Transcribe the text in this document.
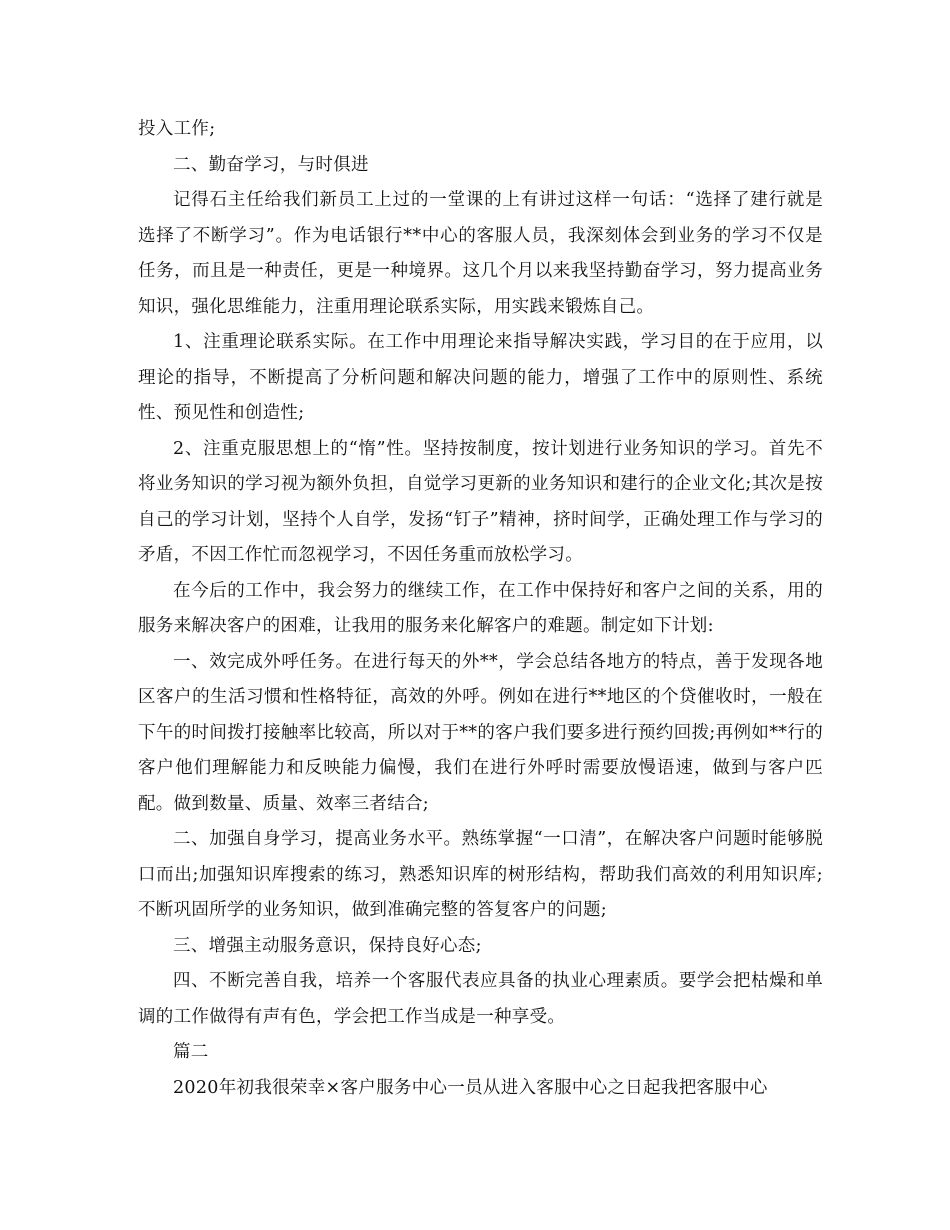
投入工作;

二、勤奋学习，与时俱进

记得石主任给我们新员工上过的一堂课的上有讲过这样一句话：“选择了建行就是选择了不断学习”。作为电话银行**中心的客服人员，我深刻体会到业务的学习不仅是任务，而且是一种责任，更是一种境界。这几个月以来我坚持勤奋学习，努力提高业务知识，强化思维能力，注重用理论联系实际，用实践来锻炼自己。

1、注重理论联系实际。在工作中用理论来指导解决实践，学习目的在于应用，以理论的指导，不断提高了分析问题和解决问题的能力，增强了工作中的原则性、系统性、预见性和创造性;

2、注重克服思想上的“惰”性。坚持按制度，按计划进行业务知识的学习。首先不将业务知识的学习视为额外负担，自觉学习更新的业务知识和建行的企业文化;其次是按自己的学习计划，坚持个人自学，发扬“钉子”精神，挤时间学，正确处理工作与学习的矛盾，不因工作忙而忽视学习，不因任务重而放松学习。

在今后的工作中，我会努力的继续工作，在工作中保持好和客户之间的关系，用的服务来解决客户的困难，让我用的服务来化解客户的难题。制定如下计划:

一、效完成外呼任务。在进行每天的外**，学会总结各地方的特点，善于发现各地区客户的生活习惯和性格特征，高效的外呼。例如在进行**地区的个贷催收时，一般在下午的时间拨打接触率比较高，所以对于**的客户我们要多进行预约回拨;再例如**行的客户他们理解能力和反映能力偏慢，我们在进行外呼时需要放慢语速，做到与客户匹配。做到数量、质量、效率三者结合;

二、加强自身学习，提高业务水平。熟练掌握“一口清”，在解决客户问题时能够脱口而出;加强知识库搜索的练习，熟悉知识库的树形结构，帮助我们高效的利用知识库;不断巩固所学的业务知识，做到准确完整的答复客户的问题;

三、增强主动服务意识，保持良好心态;

四、不断完善自我，培养一个客服代表应具备的执业心理素质。要学会把枯燥和单调的工作做得有声有色，学会把工作当成是一种享受。

篇二

2020年初我很荣幸×客户服务中心一员从进入客服中心之日起我把客服中心
